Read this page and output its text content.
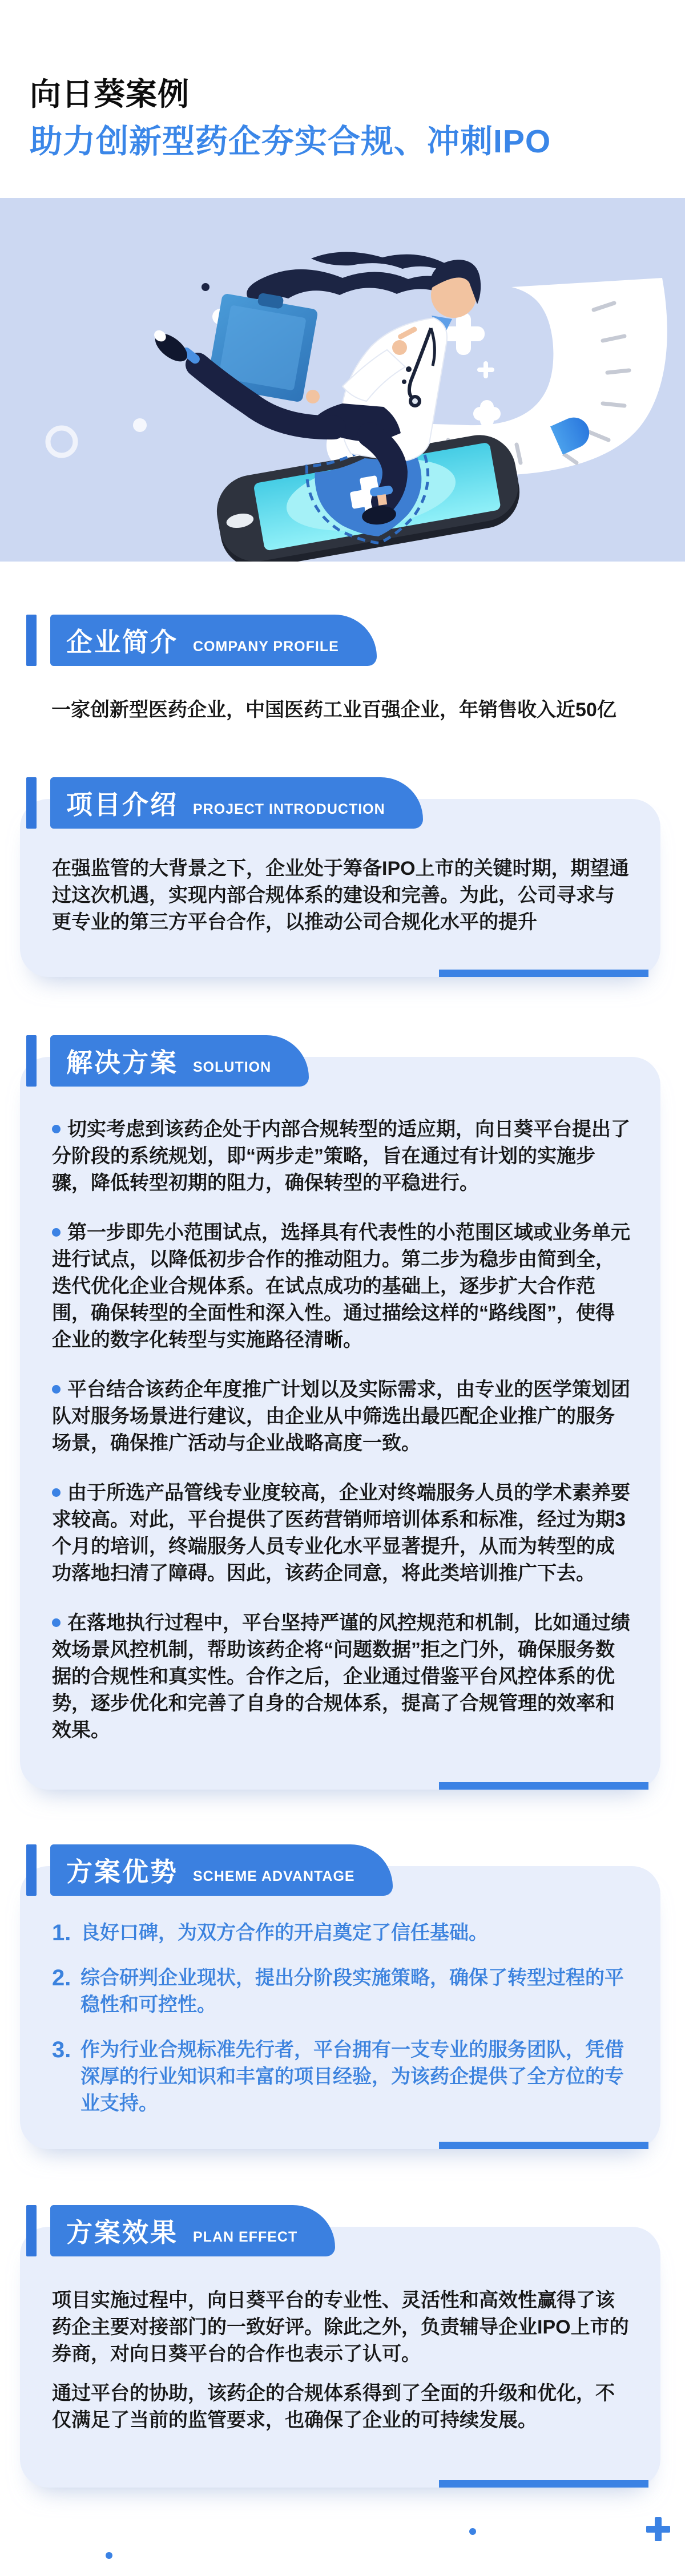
向日葵案例
助力创新型药企夯实合规、冲刺IPO
企业简介 COMPANY PROFILE

一家创新型医药企业，中国医药工业百强企业，年销售收入近50亿

项目介绍 PROJECT INTRODUCTION

在强监管的大背景之下，企业处于筹备IPO上市的关键时期，期望通过这次机遇，实现内部合规体系的建设和完善。为此，公司寻求与更专业的第三方平台合作，以推动公司合规化水平的提升

解决方案 SOLUTION
切实考虑到该药企处于内部合规转型的适应期，向日葵平台提出了分阶段的系统规划，即“两步走”策略，旨在通过有计划的实施步骤，降低转型初期的阻力，确保转型的平稳进行。
第一步即先小范围试点，选择具有代表性的小范围区域或业务单元进行试点，以降低初步合作的推动阻力。第二步为稳步由简到全，迭代优化企业合规体系。在试点成功的基础上，逐步扩大合作范围，确保转型的全面性和深入性。通过描绘这样的“路线图”，使得企业的数字化转型与实施路径清晰。
平台结合该药企年度推广计划以及实际需求，由专业的医学策划团队对服务场景进行建议，由企业从中筛选出最匹配企业推广的服务场景，确保推广活动与企业战略高度一致。
由于所选产品管线专业度较高，企业对终端服务人员的学术素养要求较高。对此，平台提供了医药营销师培训体系和标准，经过为期3个月的培训，终端服务人员专业化水平显著提升，从而为转型的成功落地扫清了障碍。因此，该药企同意，将此类培训推广下去。
在落地执行过程中，平台坚持严谨的风控规范和机制，比如通过绩效场景风控机制，帮助该药企将“问题数据”拒之门外，确保服务数据的合规性和真实性。合作之后，企业通过借鉴平台风控体系的优势，逐步优化和完善了自身的合规体系，提高了合规管理的效率和效果。
方案优势 SCHEME ADVANTAGE
1. 良好口碑，为双方合作的开启奠定了信任基础。
2. 综合研判企业现状，提出分阶段实施策略，确保了转型过程的平稳性和可控性。
3. 作为行业合规标准先行者，平台拥有一支专业的服务团队，凭借深厚的行业知识和丰富的项目经验，为该药企提供了全方位的专业支持。
方案效果 PLAN EFFECT

项目实施过程中，向日葵平台的专业性、灵活性和高效性赢得了该药企主要对接部门的一致好评。除此之外，负责辅导企业IPO上市的券商，对向日葵平台的合作也表示了认可。

通过平台的协助，该药企的合规体系得到了全面的升级和优化，不仅满足了当前的监管要求，也确保了企业的可持续发展。
